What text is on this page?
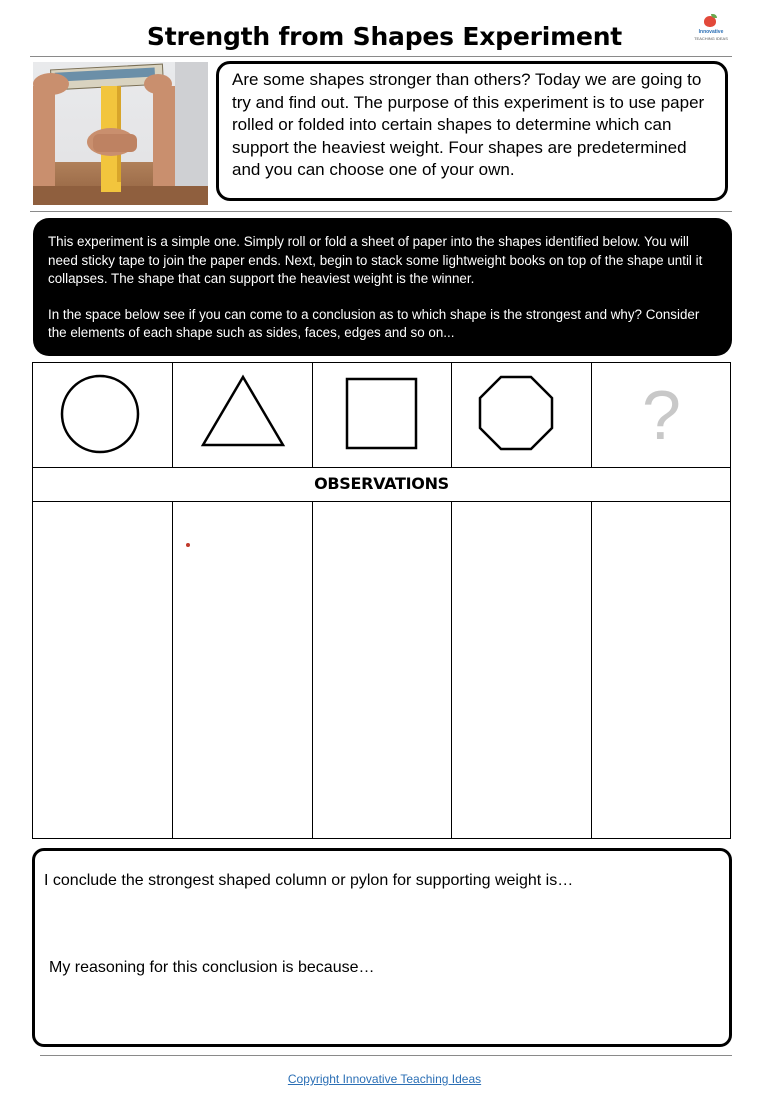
Strength from Shapes Experiment	Innovative
TEACHING IDEAS
Are some shapes stronger than others? Today we are going to try and find out. The purpose of this experiment is to use paper rolled or folded into certain shapes to determine which can support the heaviest weight. Four shapes are predetermined and you can choose one of your own.

This experiment is a simple one. Simply roll or fold a sheet of paper into the shapes identified below. You will need sticky tape to join the paper ends. Next, begin to stack some lightweight books on top of the shape until it collapses. The shape that can support the heaviest weight is the winner.

In the space below see if you can come to a conclusion as to which shape is the strongest and why? Consider the elements of each shape such as sides, faces, edges and so on...

?
OBSERVATIONS
I conclude the strongest shaped column or pylon for supporting weight is…
My reasoning for this conclusion is because…
Copyright Innovative Teaching Ideas
